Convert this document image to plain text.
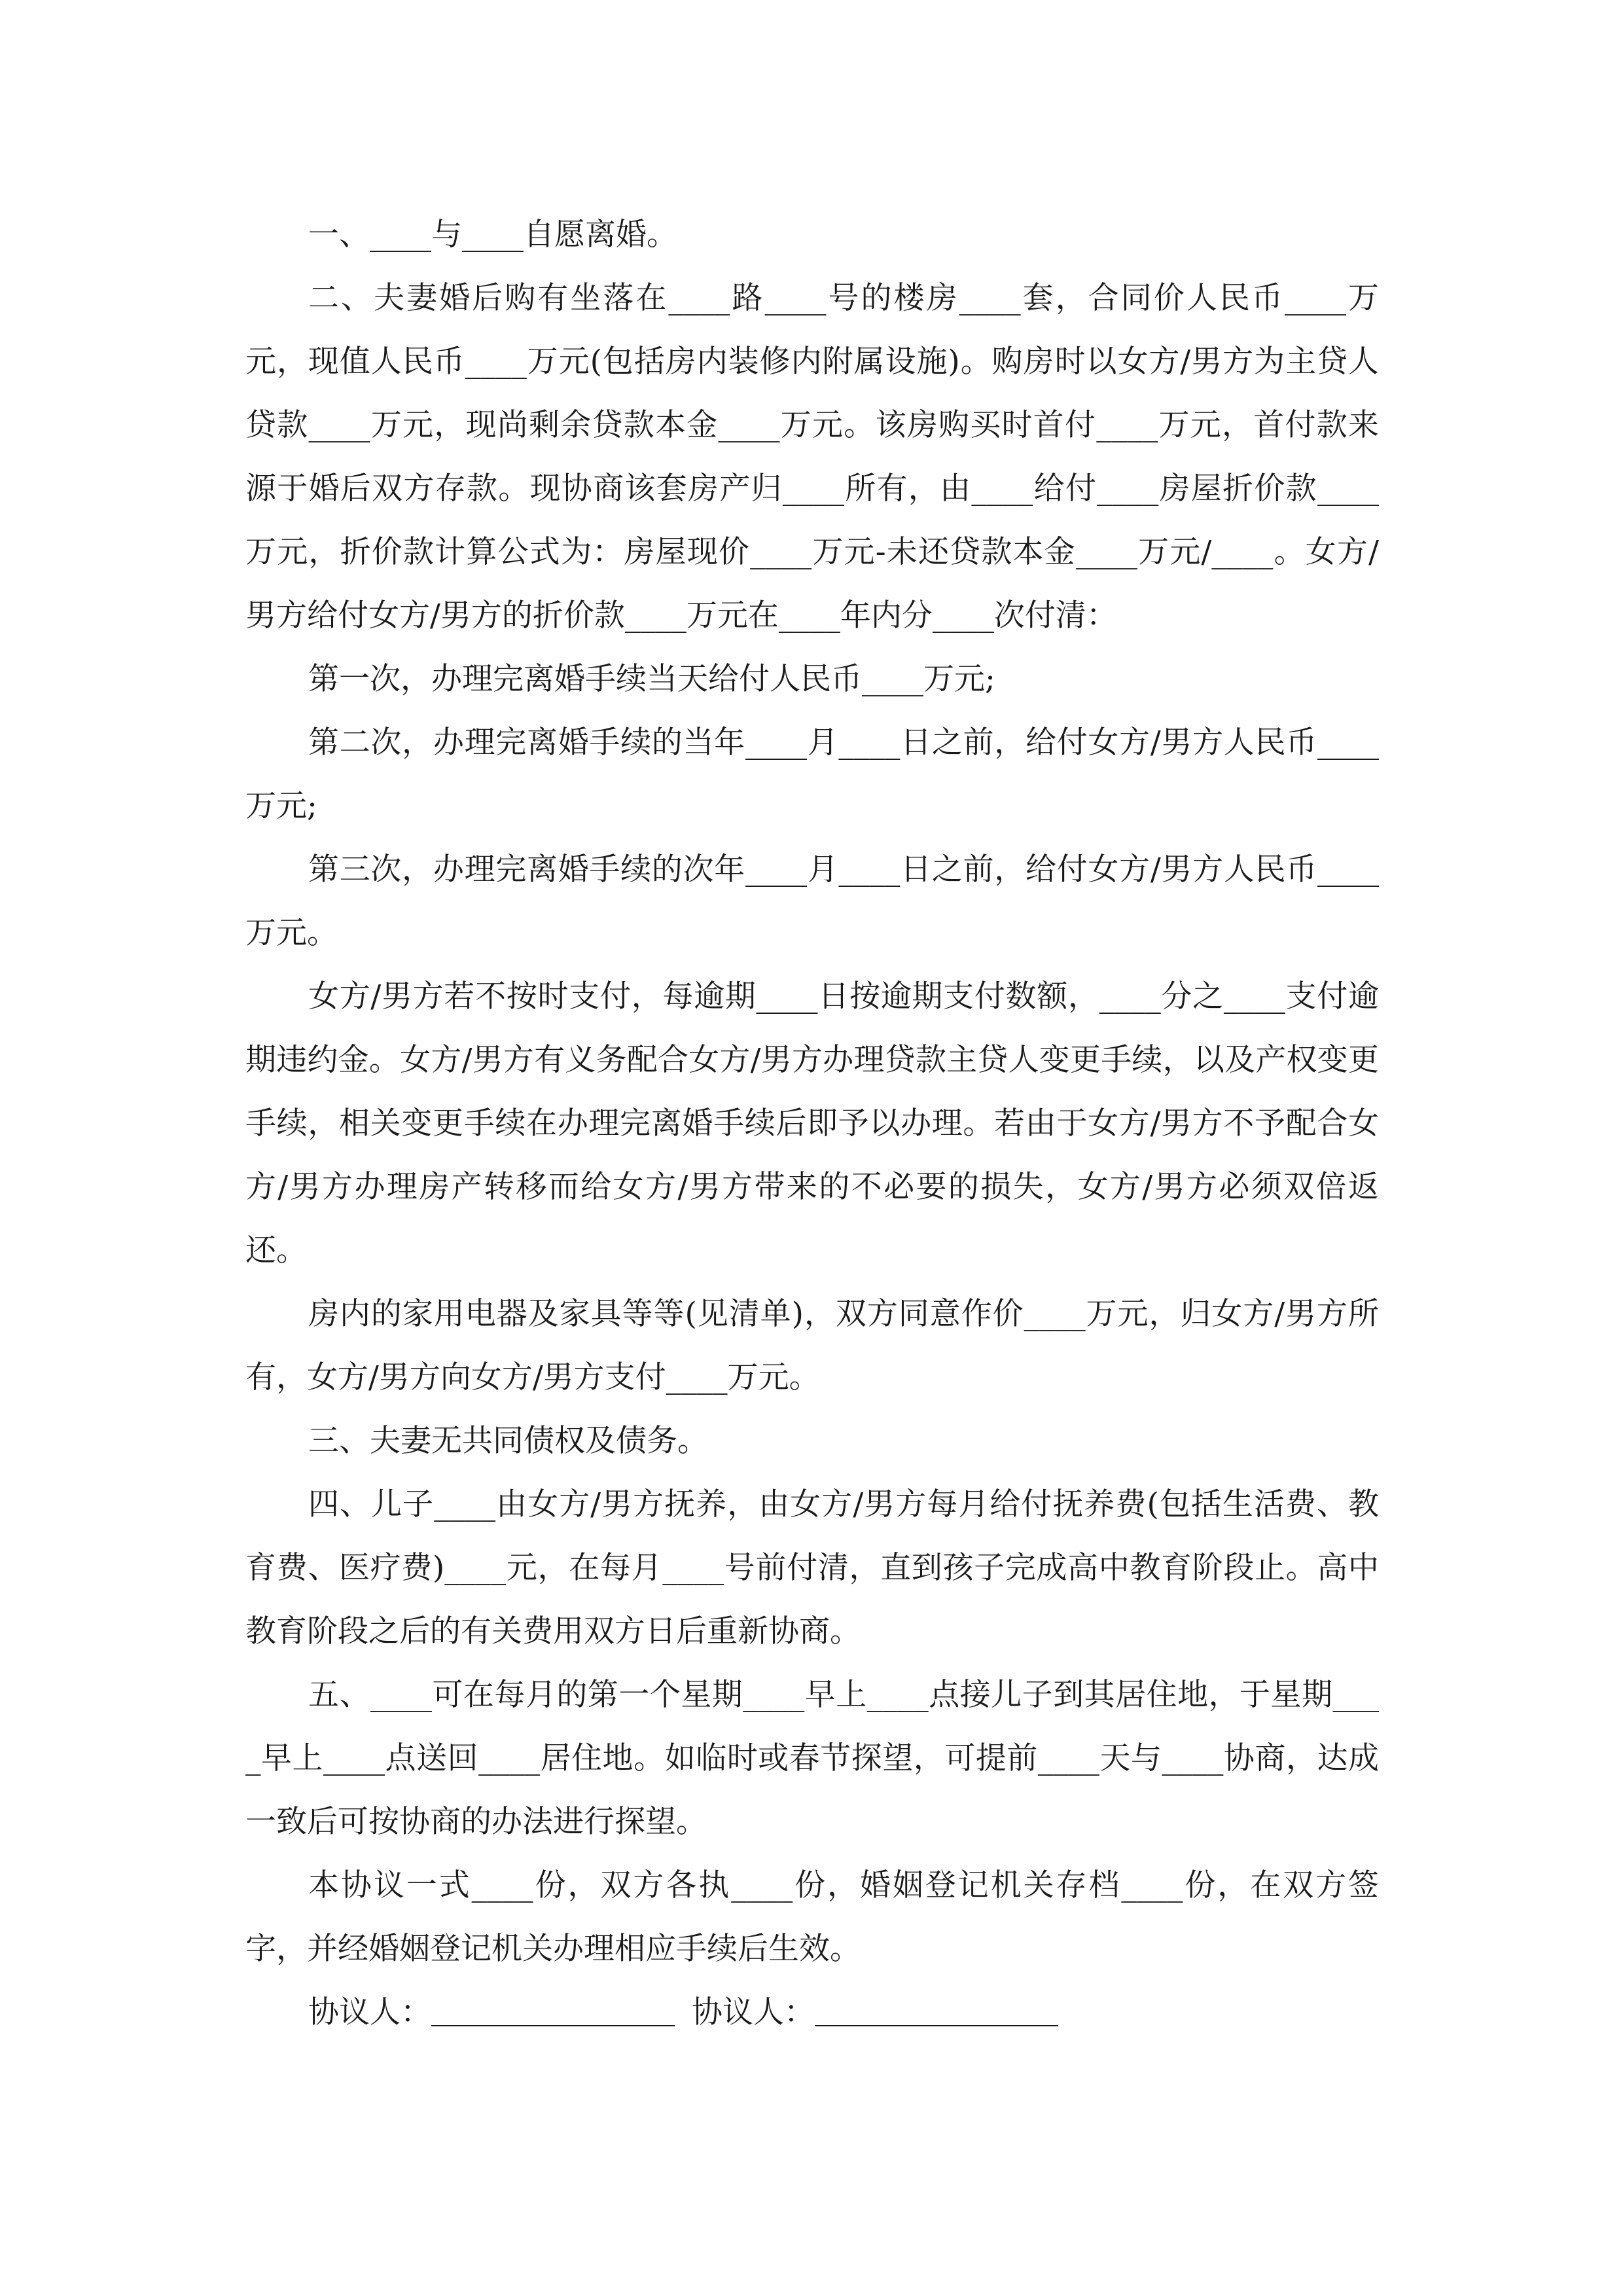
一、____与____自愿离婚。

二、夫妻婚后购有坐落在____路____号的楼房____套，合同价人民币____万元，现值人民币____万元(包括房内装修内附属设施)。购房时以女方/男方为主贷人贷款____万元，现尚剩余贷款本金____万元。该房购买时首付____万元，首付款来源于婚后双方存款。现协商该套房产归____所有，由____给付____房屋折价款____万元，折价款计算公式为：房屋现价____万元-未还贷款本金____万元/____。女方/男方给付女方/男方的折价款____万元在____年内分____次付清：

第一次，办理完离婚手续当天给付人民币____万元;

第二次，办理完离婚手续的当年____月____日之前，给付女方/男方人民币____万元;

第三次，办理完离婚手续的次年____月____日之前，给付女方/男方人民币____万元。

女方/男方若不按时支付，每逾期____日按逾期支付数额，____分之____支付逾期违约金。女方/男方有义务配合女方/男方办理贷款主贷人变更手续，以及产权变更手续，相关变更手续在办理完离婚手续后即予以办理。若由于女方/男方不予配合女方/男方办理房产转移而给女方/男方带来的不必要的损失，女方/男方必须双倍返还。

房内的家用电器及家具等等(见清单)，双方同意作价____万元，归女方/男方所有，女方/男方向女方/男方支付____万元。

三、夫妻无共同债权及债务。

四、儿子____由女方/男方抚养，由女方/男方每月给付抚养费(包括生活费、教育费、医疗费)____元，在每月____号前付清，直到孩子完成高中教育阶段止。高中教育阶段之后的有关费用双方日后重新协商。

五、____可在每月的第一个星期____早上____点接儿子到其居住地，于星期____早上____点送回____居住地。如临时或春节探望，可提前____天与____协商，达成一致后可按协商的办法进行探望。

本协议一式____份，双方各执____份，婚姻登记机关存档____份，在双方签字，并经婚姻登记机关办理相应手续后生效。

协议人：	协议人：
